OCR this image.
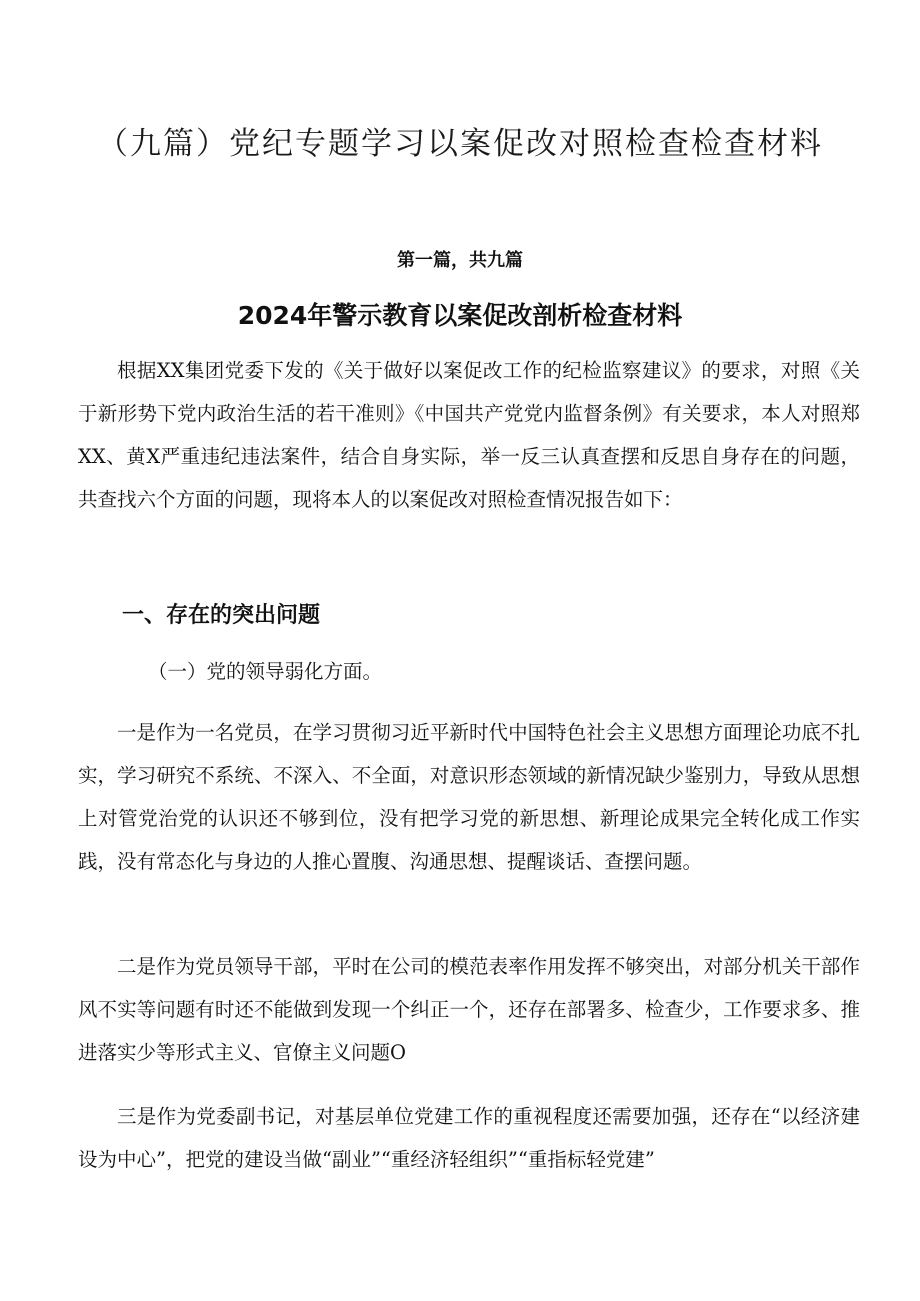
（九篇）党纪专题学习以案促改对照检查检查材料
第一篇，共九篇
2024年警示教育以案促改剖析检查材料

根据XX集团党委下发的《关于做好以案促改工作的纪检监察建议》的要求，对照《关于新形势下党内政治生活的若干准则》《中国共产党党内监督条例》有关要求，本人对照郑XX、黄X严重违纪违法案件，结合自身实际，举一反三认真查摆和反思自身存在的问题，共查找六个方面的问题，现将本人的以案促改对照检查情况报告如下：

一、存在的突出问题
（一）党的领导弱化方面。

一是作为一名党员，在学习贯彻习近平新时代中国特色社会主义思想方面理论功底不扎实，学习研究不系统、不深入、不全面，对意识形态领域的新情况缺少鉴别力，导致从思想上对管党治党的认识还不够到位，没有把学习党的新思想、新理论成果完全转化成工作实践，没有常态化与身边的人推心置腹、沟通思想、提醒谈话、查摆问题。

二是作为党员领导干部，平时在公司的模范表率作用发挥不够突出，对部分机关干部作风不实等问题有时还不能做到发现一个纠正一个，还存在部署多、检查少，工作要求多、推进落实少等形式主义、官僚主义问题O

三是作为党委副书记，对基层单位党建工作的重视程度还需要加强，还存在“以经济建设为中心”，把党的建设当做“副业”“重经济轻组织”“重指标轻党建”
